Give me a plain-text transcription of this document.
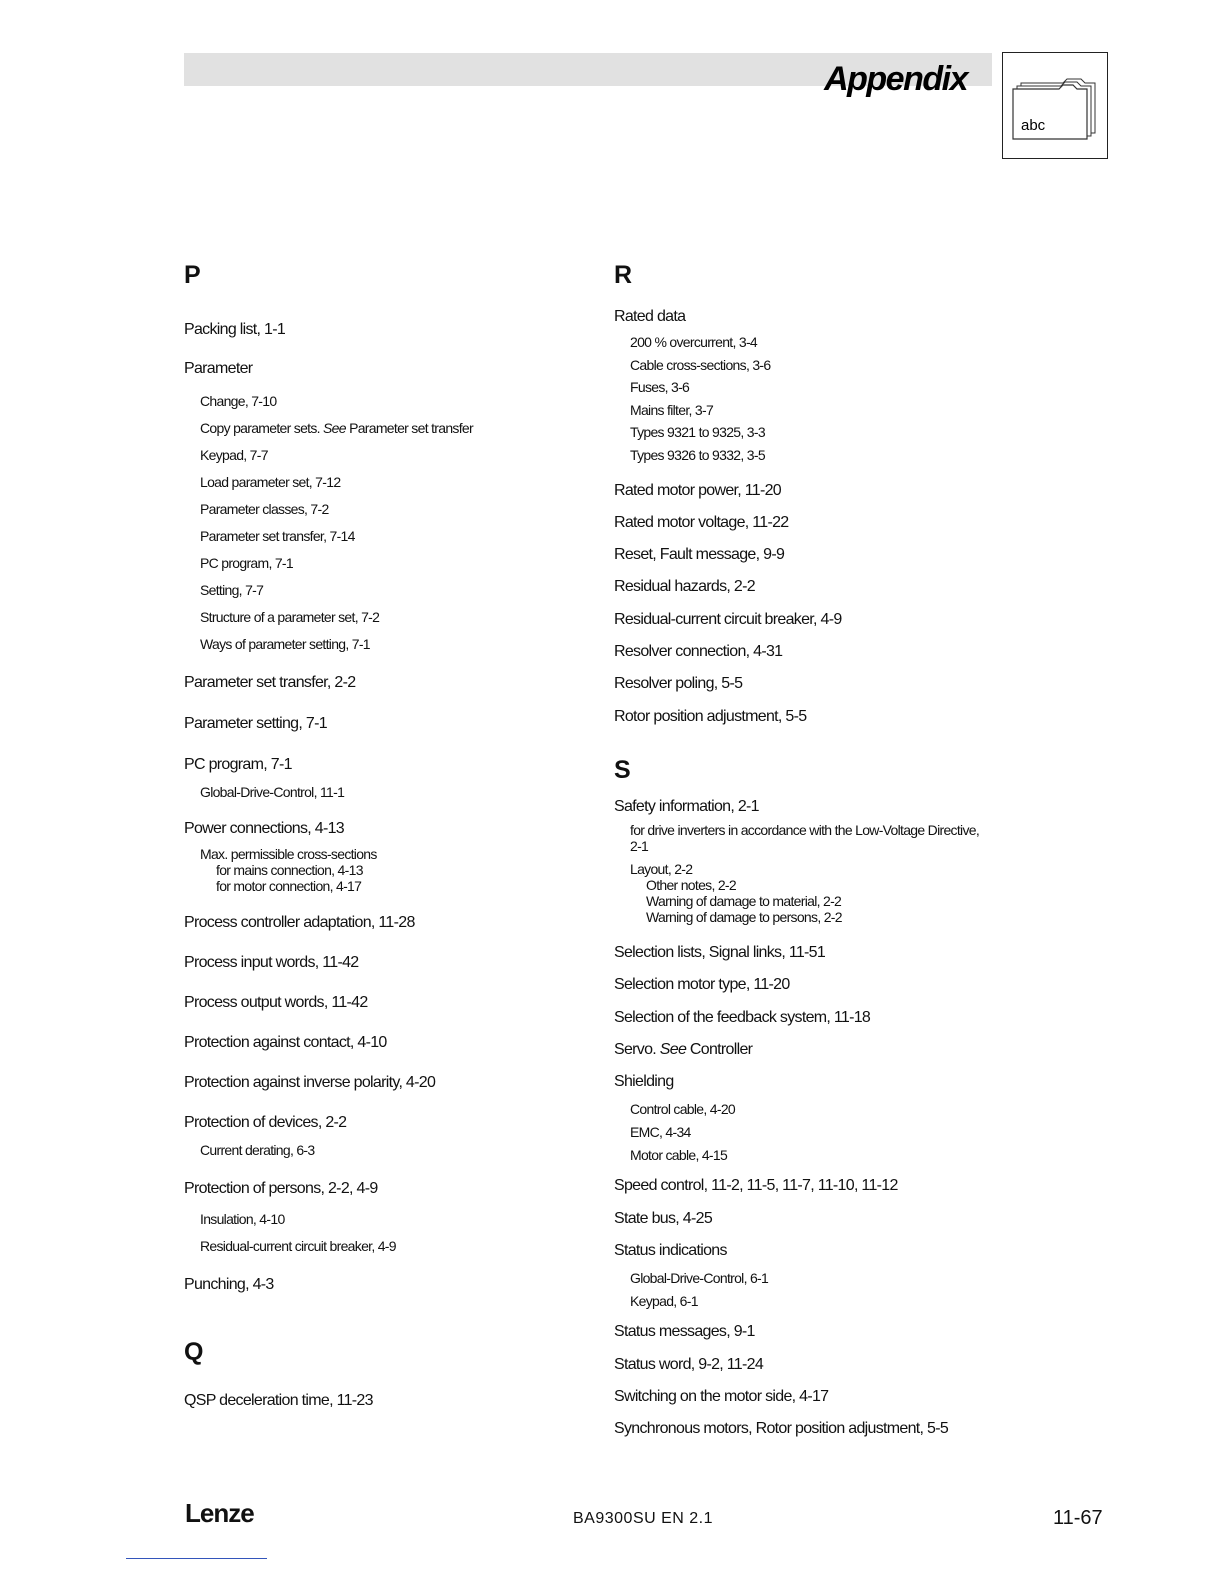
Appendix
abc
P
Packing list, 1-1
Parameter
Change, 7-10
Copy parameter sets. See Parameter set transfer
Keypad, 7-7
Load parameter set, 7-12
Parameter classes, 7-2
Parameter set transfer, 7-14
PC program, 7-1
Setting, 7-7
Structure of a parameter set, 7-2
Ways of parameter setting, 7-1
Parameter set transfer, 2-2
Parameter setting, 7-1
PC program, 7-1
Global-Drive-Control, 11-1
Power connections, 4-13
Max. permissible cross-sections
for mains connection, 4-13
for motor connection, 4-17
Process controller adaptation, 11-28
Process input words, 11-42
Process output words, 11-42
Protection against contact, 4-10
Protection against inverse polarity, 4-20
Protection of devices, 2-2
Current derating, 6-3
Protection of persons, 2-2, 4-9
Insulation, 4-10
Residual-current circuit breaker, 4-9
Punching, 4-3
Q
QSP deceleration time, 11-23
R
Rated data
200 % overcurrent, 3-4
Cable cross-sections, 3-6
Fuses, 3-6
Mains filter, 3-7
Types 9321 to 9325, 3-3
Types 9326 to 9332, 3-5
Rated motor power, 11-20
Rated motor voltage, 11-22
Reset, Fault message, 9-9
Residual hazards, 2-2
Residual-current circuit breaker, 4-9
Resolver connection, 4-31
Resolver poling, 5-5
Rotor position adjustment, 5-5
S
Safety information, 2-1
for drive inverters in accordance with the Low-Voltage Directive,
2-1
Layout, 2-2
Other notes, 2-2
Warning of damage to material, 2-2
Warning of damage to persons, 2-2
Selection lists, Signal links, 11-51
Selection motor type, 11-20
Selection of the feedback system, 11-18
Servo. See Controller
Shielding
Control cable, 4-20
EMC, 4-34
Motor cable, 4-15
Speed control, 11-2, 11-5, 11-7, 11-10, 11-12
State bus, 4-25
Status indications
Global-Drive-Control, 6-1
Keypad, 6-1
Status messages, 9-1
Status word, 9-2, 11-24
Switching on the motor side, 4-17
Synchronous motors, Rotor position adjustment, 5-5
Lenze	BA9300SU EN 2.1	11-67
